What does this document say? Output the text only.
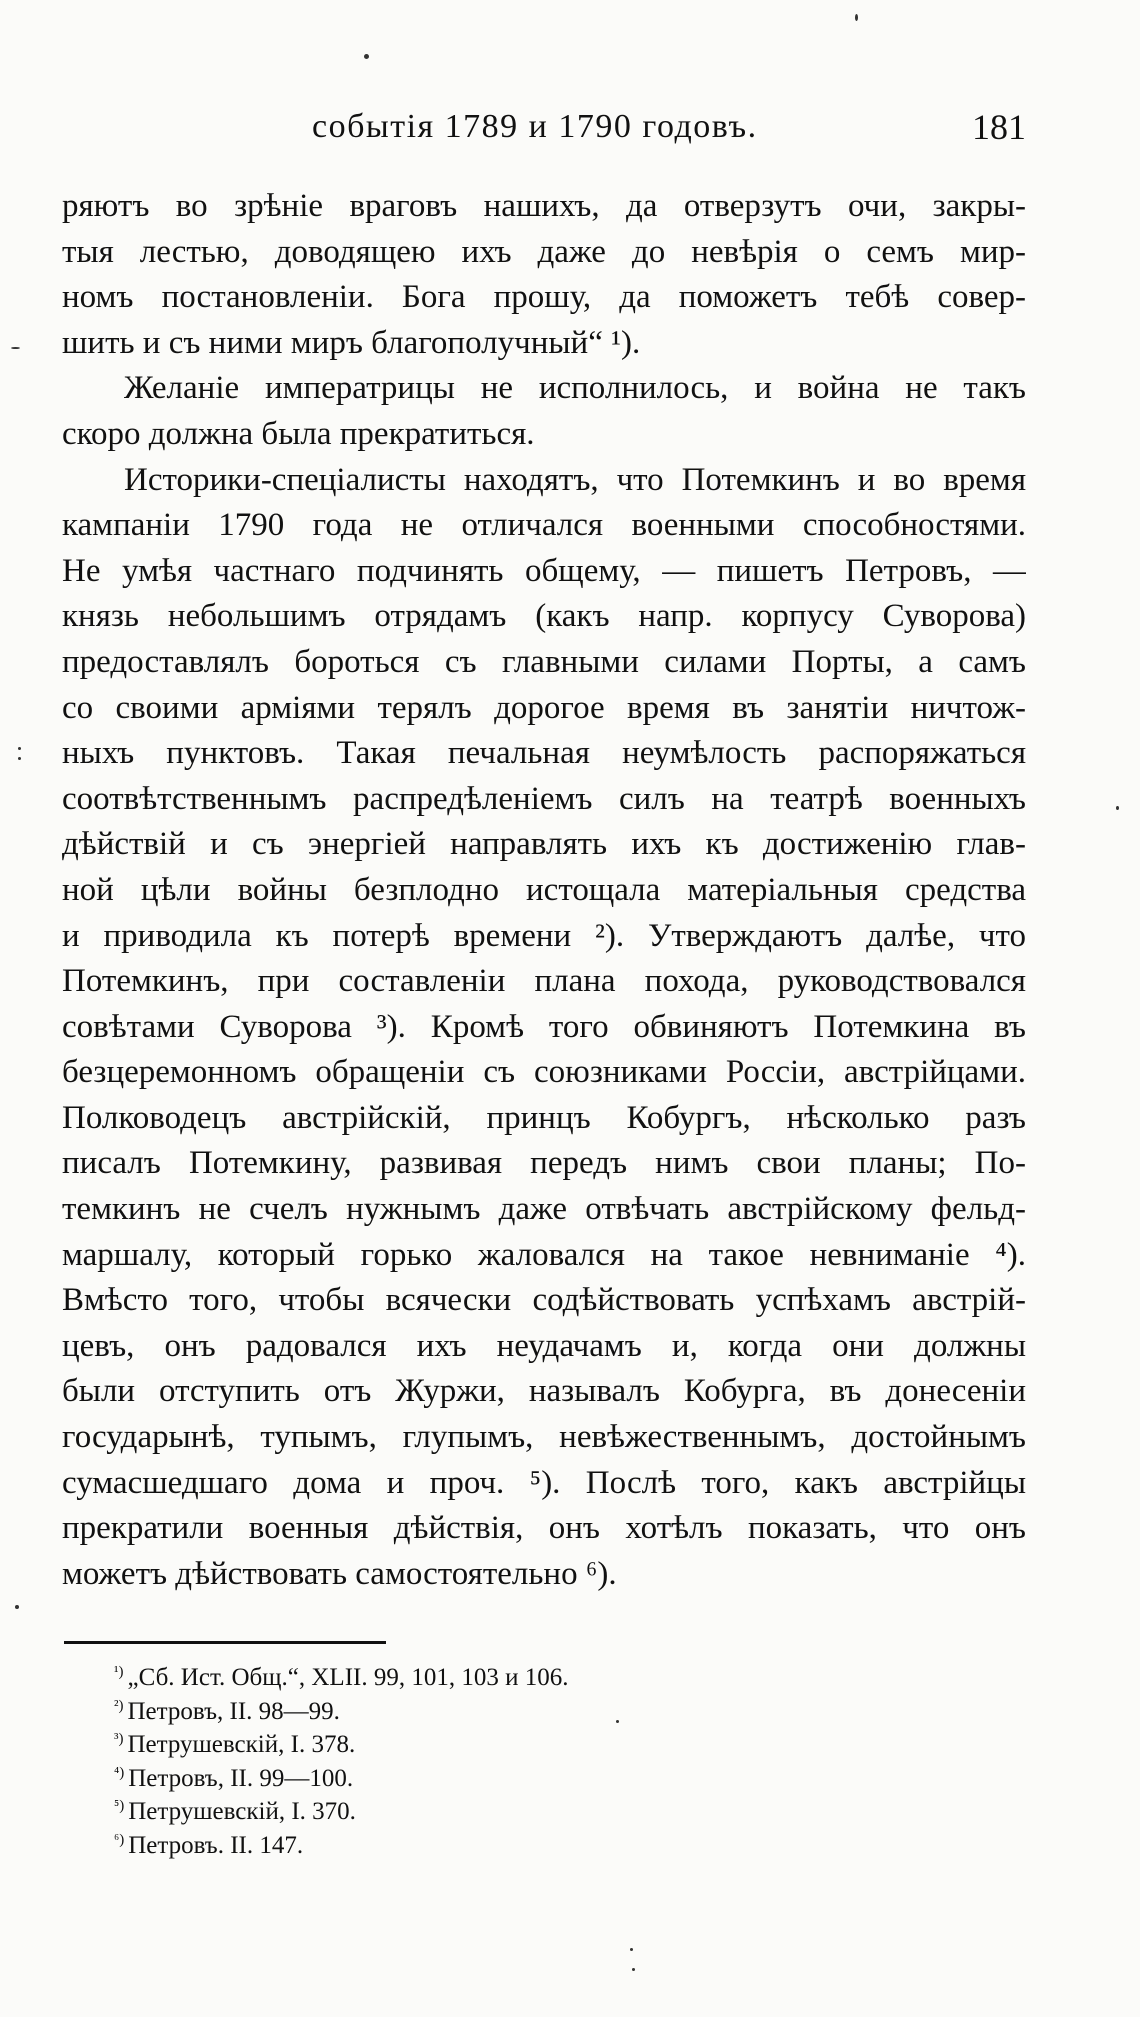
событія 1789 и 1790 годовъ.	181
ряютъ во зрѣніе враговъ нашихъ, да отверзутъ очи, закры-
тыя лестью, доводящею ихъ даже до невѣрія о семъ мир-
номъ постановленіи. Бога прошу, да поможетъ тебѣ совер-
шить и съ ними миръ благополучный“ ¹).
Желаніе императрицы не исполнилось, и война не такъ
скоро должна была прекратиться.
Историки-спеціалисты находятъ, что Потемкинъ и во время
кампаніи 1790 года не отличался военными способностями.
Не умѣя частнаго подчинять общему, — пишетъ Петровъ, —
князь небольшимъ отрядамъ (какъ напр. корпусу Суворова)
предоставлялъ бороться съ главными силами Порты, а самъ
со своими арміями терялъ дорогое время въ занятіи ничтож-
ныхъ пунктовъ. Такая печальная неумѣлость распоряжаться
соотвѣтственнымъ распредѣленіемъ силъ на театрѣ военныхъ
дѣйствій и съ энергіей направлять ихъ къ достиженію глав-
ной цѣли войны безплодно истощала матеріальныя средства
и приводила къ потерѣ времени ²). Утверждаютъ далѣе, что
Потемкинъ, при составленіи плана похода, руководствовался
совѣтами Суворова ³). Кромѣ того обвиняютъ Потемкина въ
безцеремонномъ обращеніи съ союзниками Россіи, австрійцами.
Полководецъ австрійскій, принцъ Кобургъ, нѣсколько разъ
писалъ Потемкину, развивая передъ нимъ свои планы; По-
темкинъ не счелъ нужнымъ даже отвѣчать австрійскому фельд-
маршалу, который горько жаловался на такое невниманіе ⁴).
Вмѣсто того, чтобы всячески содѣйствовать успѣхамъ австрій-
цевъ, онъ радовался ихъ неудачамъ и, когда они должны
были отступить отъ Журжи, называлъ Кобурга, въ донесеніи
государынѣ, тупымъ, глупымъ, невѣжественнымъ, достойнымъ
сумасшедшаго дома и проч. ⁵). Послѣ того, какъ австрійцы
прекратили военныя дѣйствія, онъ хотѣлъ показать, что онъ
можетъ дѣйствовать самостоятельно ⁶).
$^{^1)}$ „Сб. Ист. Общ.“, XLII. 99, 101, 103 и 106.
$^{^2)}$ Петровъ, II. 98—99.
$^{^3)}$ Петрушевскій, I. 378.
$^{^4)}$ Петровъ, II. 99—100.
$^{^5)}$ Петрушевскій, I. 370.
$^{^6)}$ Петровъ. II. 147.
